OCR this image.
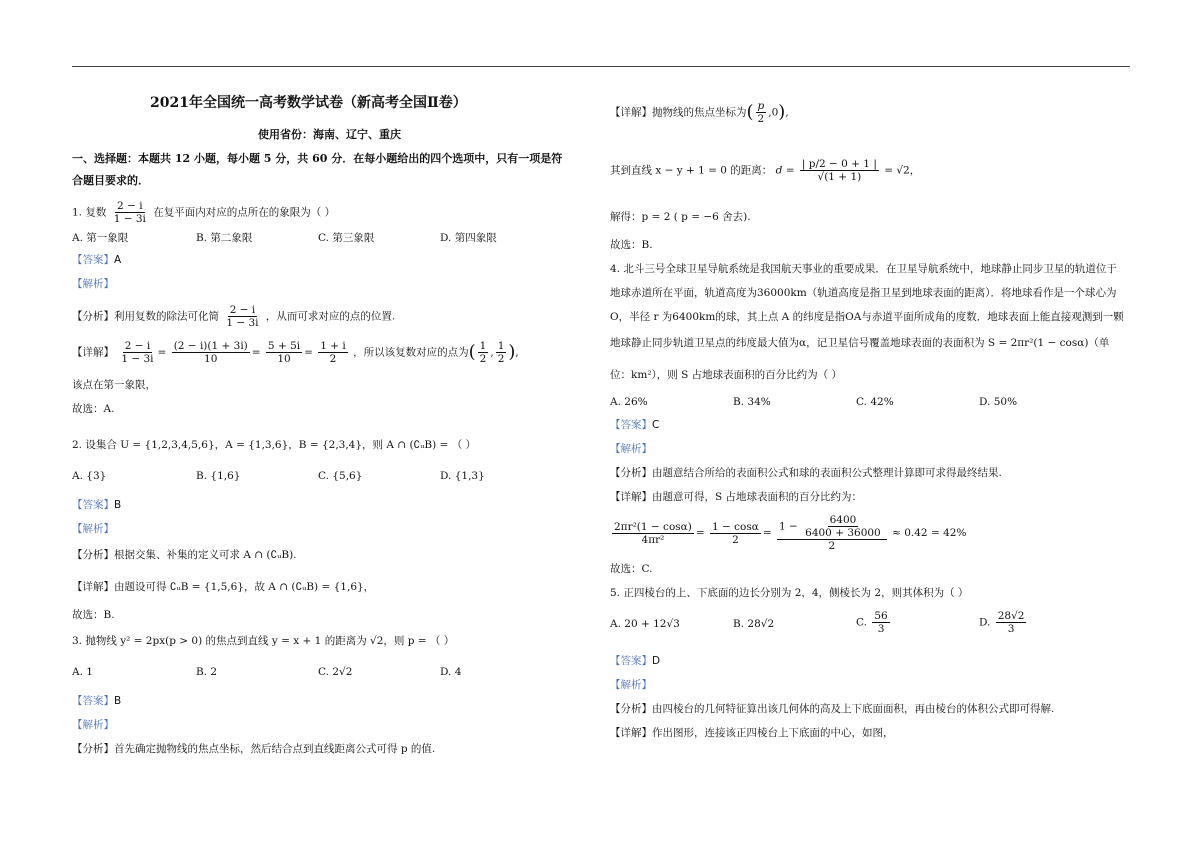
2021年全国统一高考数学试卷（新高考全国Ⅱ卷）
使用省份：海南、辽宁、重庆
一、选择题：本题共 12 小题，每小题 5 分，共 60 分．在每小题给出的四个选项中，只有一项是符
合题目要求的．
1. 复数 $\frac{2 - i}{1 - 3i}$ 在复平面内对应的点所在的象限为（ ）
A. 第一象限	B. 第二象限	C. 第三象限	D. 第四象限
【答案】A
【解析】
【分析】利用复数的除法可化简 $\frac{2 - i}{1 - 3i}$ ，从而可求对应的点的位置.
【详解】 $\frac{2 - i}{1 - 3i} = \frac{(2 - i)(1 + 3i)}{10} = \frac{5 + 5i}{10} = \frac{1 + i}{2}$ ，所以该复数对应的点为( $\frac{1}{2}$ , $\frac{1}{2}$ ),
该点在第一象限，
故选：A.
2. 设集合 U = {1,2,3,4,5,6}，A = {1,3,6}，B = {2,3,4}，则 A ∩ (∁ᵤB) = （ ）
A. {3}	B. {1,6}	C. {5,6}	D. {1,3}
【答案】B
【解析】
【分析】根据交集、补集的定义可求 A ∩ (∁ᵤB).
【详解】由题设可得 ∁ᵤB = {1,5,6}，故 A ∩ (∁ᵤB) = {1,6}，
故选：B.
3. 抛物线 y² = 2px(p > 0) 的焦点到直线 y = x + 1 的距离为 √2，则 p = （ ）
A. 1	B. 2	C. 2√2	D. 4
【答案】B
【解析】
【分析】首先确定抛物线的焦点坐标，然后结合点到直线距离公式可得 p 的值.
【详解】抛物线的焦点坐标为( $\frac{p}{2} ,0$),
其到直线 x − y + 1 = 0 的距离： $d = \frac{| p/2 - 0 + 1 |}{√(1 + 1)} = √2$，
解得：p = 2 ( p = −6 舍去).
故选：B.
4. 北斗三号全球卫星导航系统是我国航天事业的重要成果．在卫星导航系统中，地球静止同步卫星的轨道位于
地球赤道所在平面，轨道高度为36000km（轨道高度是指卫星到地球表面的距离）．将地球看作是一个球心为
O，半径 r 为6400km的球，其上点 A 的纬度是指OA与赤道平面所成角的度数．地球表面上能直接观测到一颗
地球静止同步轨道卫星点的纬度最大值为α，记卫星信号覆盖地球表面的表面积为 S = 2πr²(1 − cosα)（单
位：km²），则 S 占地球表面积的百分比约为（ ）
A. 26%	B. 34%	C. 42%	D. 50%
【答案】C
【解析】
【分析】由题意结合所给的表面积公式和球的表面积公式整理计算即可求得最终结果.
【详解】由题意可得，S 占地球表面积的百分比约为：
$\frac{\text{2πr²(1 − cosα)}}{\text{4πr²}} = \frac{1 - \cos\alpha}{2} = \frac{1 - \frac{6400}{6400 + 36000}}{2} \approx 0.42 = 42\%$
故选：C.
5. 正四棱台的上、下底面的边长分别为 2，4，侧棱长为 2，则其体积为（ ）
A. 20 + 12√3	B. 28√2	C. $\frac{56}{3}$	D. $\frac{28√2}{3}$
【答案】D
【解析】
【分析】由四棱台的几何特征算出该几何体的高及上下底面面积，再由棱台的体积公式即可得解.
【详解】作出图形，连接该正四棱台上下底面的中心，如图，
